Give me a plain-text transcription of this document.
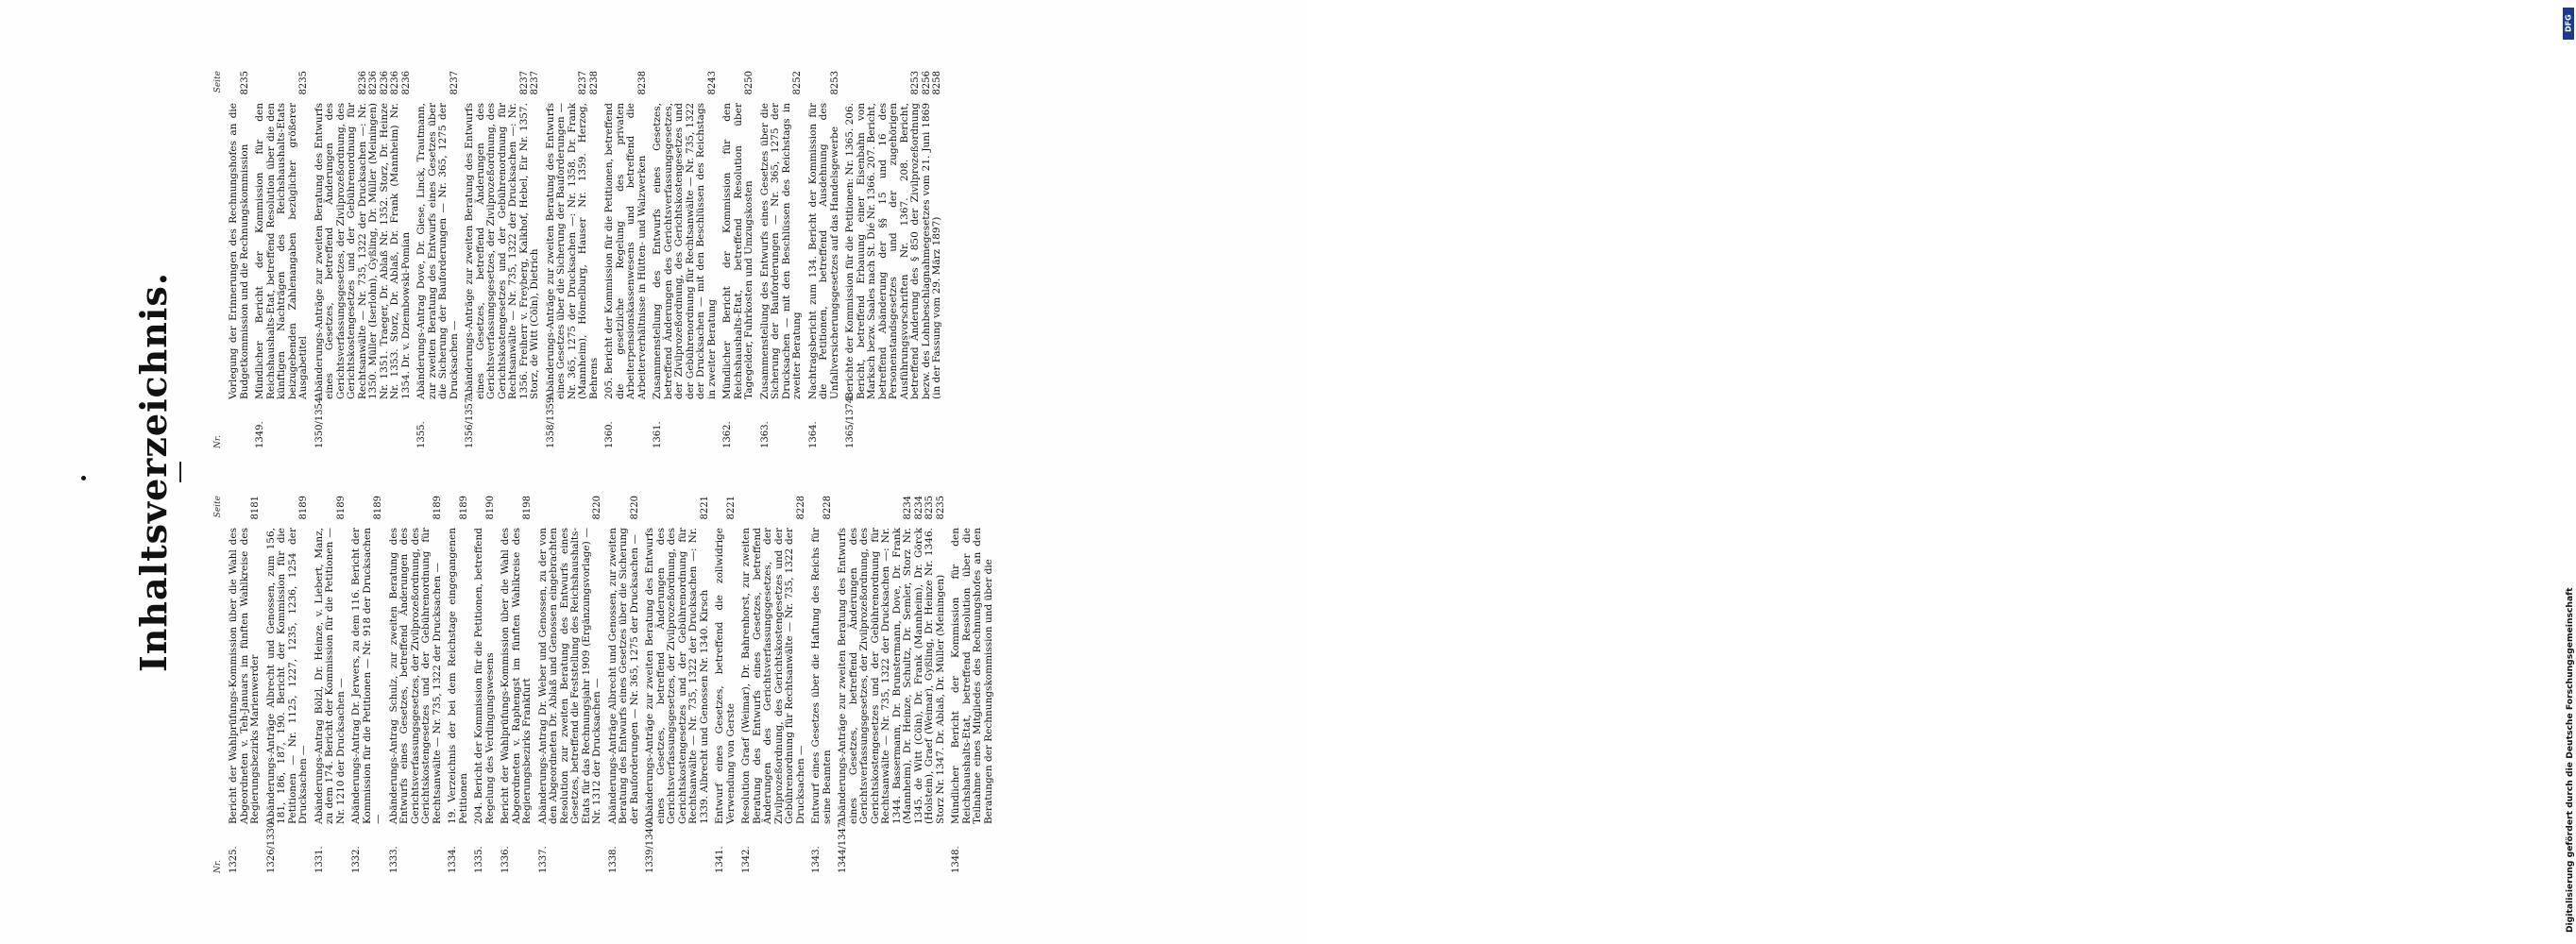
Inhaltsverzeichnis.
Nr.
Seite
1325.
Bericht der Wahlprüfungs-Kommission über die Wahl des Abgeordneten v. Teh-Januars im fünften Wahlkreise des Regierungsbezirks Marienwerder
8181
1326/1330.
Abänderungs-Anträge Albrecht und Genossen, zum 156, 181, 186, 187, 190. Bericht der Kommission für die Petitionen — Nr. 1125, 1227, 1235, 1236, 1254 der Drucksachen —
8189
1331.
Abänderungs-Antrag Bölzl, Dr. Heinze, v. Liebert, Manz, zu dem 174. Bericht der Kommission für die Petitionen — Nr. 1210 der Drucksachen —
8189
1332.
Abänderungs-Antrag Dr. Jerwers, zu dem 116. Bericht der Kommission für die Petitionen — Nr. 918 der Drucksachen —
8189
1333.
Abänderungs-Antrag Schulz, zur zweiten Beratung des Entwurfs eines Gesetzes, betreffend Änderungen des Gerichtsverfassungsgesetzes, der Zivilprozeßordnung, des Gerichtskostengesetzes und der Gebührenordnung für Rechtsanwälte — Nr. 735, 1322 der Drucksachen —
8189
1334.
19. Verzeichnis der bei dem Reichstage eingegangenen Petitionen
8189
1335.
204. Bericht der Kommission für die Petitionen, betreffend Regelung des Verdingungswesens
8190
1336.
Bericht der Wahlprüfungs-Kommission über die Wahl des Abgeordneten v. Raphengst im fünften Wahlkreise des Regierungsbezirks Frankfurt
8198
1337.
Abänderungs-Antrag Dr. Weber und Genossen, zu der von den Abgeordneten Dr. Ablaß und Genossen eingebrachten Resolution zur zweiten Beratung des Entwurfs eines Gesetzes, betreffend die Feststellung des Reichshaushalts-Etats für das Rechnungsjahr 1909 (Ergänzungsvorlage) — Nr. 1312 der Drucksachen —
8220
1338.
Abänderungs-Anträge Albrecht und Genossen, zur zweiten Beratung des Entwurfs eines Gesetzes über die Sicherung der Bauforderungen — Nr. 365, 1275 der Drucksachen —
8220
1339/1340.
Abänderungs-Anträge zur zweiten Beratung des Entwurfs eines Gesetzes, betreffend Änderungen des Gerichtsverfassungsgesetzes, der Zivilprozeßordnung, des Gerichtskostengesetzes und der Gebührenordnung für Rechtsanwälte — Nr. 735, 1322 der Drucksachen —: Nr. 1339. Albrecht und Genossen Nr. 1340. Kirsch
8221
1341.
Entwurf eines Gesetzes, betreffend die zollwidrige Verwendung von Gerste
8221
1342.
Resolution Graef (Weimar), Dr. Bahrenhorst, zur zweiten Beratung des Entwurfs eines Gesetzes, betreffend Änderungen des Gerichtsverfassungsgesetzes, der Zivilprozeßordnung, des Gerichtskostengesetzes und der Gebührenordnung für Rechtsanwälte — Nr. 735, 1322 der Drucksachen —
8228
1343.
Entwurf eines Gesetzes über die Haftung des Reichs für seine Beamten
8228
1344/1347.
Abänderungs-Anträge zur zweiten Beratung des Entwurfs eines Gesetzes, betreffend Änderungen des Gerichtsverfassungsgesetzes, der Zivilprozeßordnung, des Gerichtskostengesetzes und der Gebührenordnung für Rechtsanwälte — Nr. 735, 1322 der Drucksachen —: Nr. 1344. Bassermann, Dr. Brunstermann, Dove, Dr. Frank (Mannheim), Dr. Heinze, Schultz, Dr. Semler, Storz Nr. 1345. de Witt (Cöln), Dr. Frank (Mannheim), Dr. Görck (Holstein), Graef (Weimar), Gyßling, Dr. Heinze Nr. 1346. Storz Nr. 1347. Dr. Ablaß, Dr. Müller (Meiningen)
8234 8234 8235 8235
1348.
Mündlicher Bericht der Kommission für den Reichshaushalts-Etat, betreffend Resolution über die Teilnahme eines Mitgliedes des Rechnungshofes an den Beratungen der Rechnungskommission und über die
Nr.
Seite
Vorlegung der Erinnerungen des Rechnungshofes an die Budgetkommission und die Rechnungskommission
8235
1349.
Mündlicher Bericht der Kommission für den Reichshaushalts-Etat, betreffend Resolution über die den künftigen Nachträgen des Reichshaushalts-Etats beizugebenden Zahlenangaben bezüglicher größerer Ausgabetitel
8235
1350/1354.
Abänderungs-Anträge zur zweiten Beratung des Entwurfs eines Gesetzes, betreffend Änderungen des Gerichtsverfassungsgesetzes, der Zivilprozeßordnung, des Gerichtskostengesetzes und der Gebührenordnung für Rechtsanwälte — Nr. 735, 1322 der Drucksachen —: Nr. 1350. Müller (Iserlohn), Gyßling, Dr. Müller (Meiningen) Nr. 1351. Traeger, Dr. Ablaß Nr. 1352. Storz, Dr. Heinze Nr. 1353. Storz, Dr. Ablaß, Dr. Frank (Mannheim) Nr. 1354. Dr. v. Dziembowski-Pomian
8236 8236 8236 8236 8236
1355.
Abänderungs-Antrag Dove, Dr. Giese, Linck, Trautmann, zur zweiten Beratung des Entwurfs eines Gesetzes über die Sicherung der Bauforderungen — Nr. 365, 1275 der Drucksachen —
8237
1356/1357.
Abänderungs-Anträge zur zweiten Beratung des Entwurfs eines Gesetzes, betreffend Änderungen des Gerichtsverfassungsgesetzes, der Zivilprozeßordnung, des Gerichtskostengesetzes und der Gebührenordnung für Rechtsanwälte — Nr. 735, 1322 der Drucksachen —: Nr. 1356. Freiherr v. Freyberg, Kalkhof, Hebel, Eir Nr. 1357. Storz, de Witt (Cöln), Dietrich
8237 8237
1358/1359.
Abänderungs-Anträge zur zweiten Beratung des Entwurfs eines Gesetzes über die Sicherung der Bauforderungen — Nr. 365, 1275 der Drucksachen —: Nr. 1358. Dr. Frank (Mannheim), Hömelburg, Hauser Nr. 1359. Herzog, Behrens
8237 8238
1360.
205. Bericht der Kommission für die Petitionen, betreffend die gesetzliche Regelung des privaten Arbeiterpensionskassenwesens und betreffend die Arbeiterverhältnisse in Hütten- und Walzwerken
8238
1361.
Zusammenstellung des Entwurfs eines Gesetzes, betreffend Änderungen des Gerichtsverfassungsgesetzes, der Zivilprozeßordnung, des Gerichtskostengesetzes und der Gebührenordnung für Rechtsanwälte — Nr. 735, 1322 der Drucksachen — mit den Beschlüssen des Reichstags in zweiter Beratung
8243
1362.
Mündlicher Bericht der Kommission für den Reichshaushalts-Etat, betreffend Resolution über Tagegelder, Fuhrkosten und Umzugskosten
8250
1363.
Zusammenstellung des Entwurfs eines Gesetzes über die Sicherung der Bauforderungen — Nr. 365, 1275 der Drucksachen — mit den Beschlüssen des Reichstags in zweiter Beratung
8252
1364.
Nachtragsbericht zum 134. Bericht der Kommission für die Petitionen, betreffend Ausdehnung des Unfallversicherungsgesetzes auf das Handelsgewerbe
8253
1365/1374.
Berichte der Kommission für die Petitionen: Nr. 1365. 206. Bericht, betreffend Erbauung einer Eisenbahn von Marksch bezw. Saales nach St. Dié Nr. 1366. 207. Bericht, betreffend Abänderung der §§ 15 und 16 des Personenstandsgesetzes und der zugehörigen Ausführungsvorschriften Nr. 1367. 208. Bericht, betreffend Änderung des § 850 der Zivilprozeßordnung bezw. des Lohnbeschlagnahmegesetzes vom 21. Juni 1869 (in der Fassung vom 29. März 1897)
8253 8256 8258
DFG
Digitalisierung gefördert durch die Deutsche Forschungsgemeinschaft
